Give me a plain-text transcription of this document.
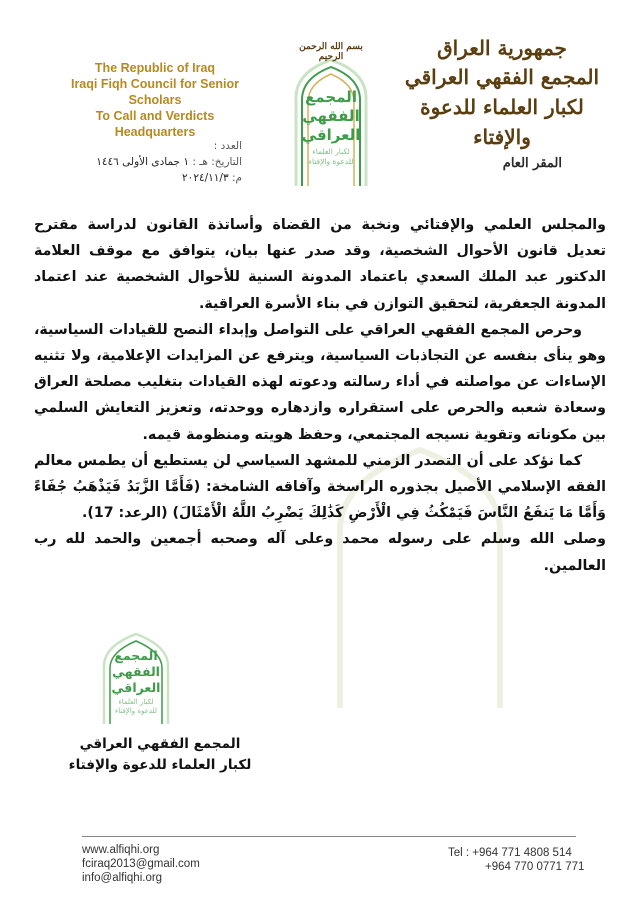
The Republic of Iraq
Iraqi Fiqh Council for Senior Scholars
To Call and Verdicts
Headquarters
بسم الله الرحمن الرحيم
المجمع
الفقهي
العراقي
لكبار العلماء
للدعوة والإفتاء
جمهورية العراق
المجمع الفقهي العراقي
لكبار العلماء للدعوة والإفتاء
المقر العام
العدد :
التاريخ: هـ : ١ جمادى الأولى ١٤٤٦
م: ٢٠٢٤/١١/٣

والمجلس العلمي والإفتائي ونخبة من القضاة وأساتذة القانون لدراسة مقترح تعديل قانون الأحوال الشخصية، وقد صدر عنها بيان، يتوافق مع موقف العلامة الدكتور عبد الملك السعدي باعتماد المدونة السنية للأحوال الشخصية عند اعتماد المدونة الجعفرية، لتحقيق التوازن في بناء الأسرة العراقية.

وحرص المجمع الفقهي العراقي على التواصل وإبداء النصح للقيادات السياسية، وهو ينأى بنفسه عن التجاذبات السياسية، ويترفع عن المزايدات الإعلامية، ولا تثنيه الإساءات عن مواصلته في أداء رسالته ودعوته لهذه القيادات بتغليب مصلحة العراق وسعادة شعبه والحرص على استقراره وازدهاره ووحدته، وتعزيز التعايش السلمي بين مكوناته وتقوية نسيجه المجتمعي، وحفظ هويته ومنظومة قيمه.

كما نؤكد على أن التصدر الزمني للمشهد السياسي لن يستطيع أن يطمس معالم الفقه الإسلامي الأصيل بجذوره الراسخة وآفاقه الشامخة: (فَأَمَّا الزَّبَدُ فَيَذْهَبُ جُفَاءً وَأَمَّا مَا يَنفَعُ النَّاسَ فَيَمْكُثُ فِي الْأَرْضِ كَذَٰلِكَ يَضْرِبُ اللَّهُ الْأَمْثَالَ) (الرعد: 17).

وصلى الله وسلم على رسوله محمد وعلى آله وصحبه أجمعين والحمد لله رب العالمين.

المجمع
الفقهي
العراقي
لكبار العلماء
للدعوة والإفتاء
المجمع الفقهي العراقي
لكبار العلماء للدعوة والإفتاء
www.alfiqhi.org
fciraq2013@gmail.com
info@alfiqhi.org
Tel : +964 771 4808 514
+964 770 0771 771
